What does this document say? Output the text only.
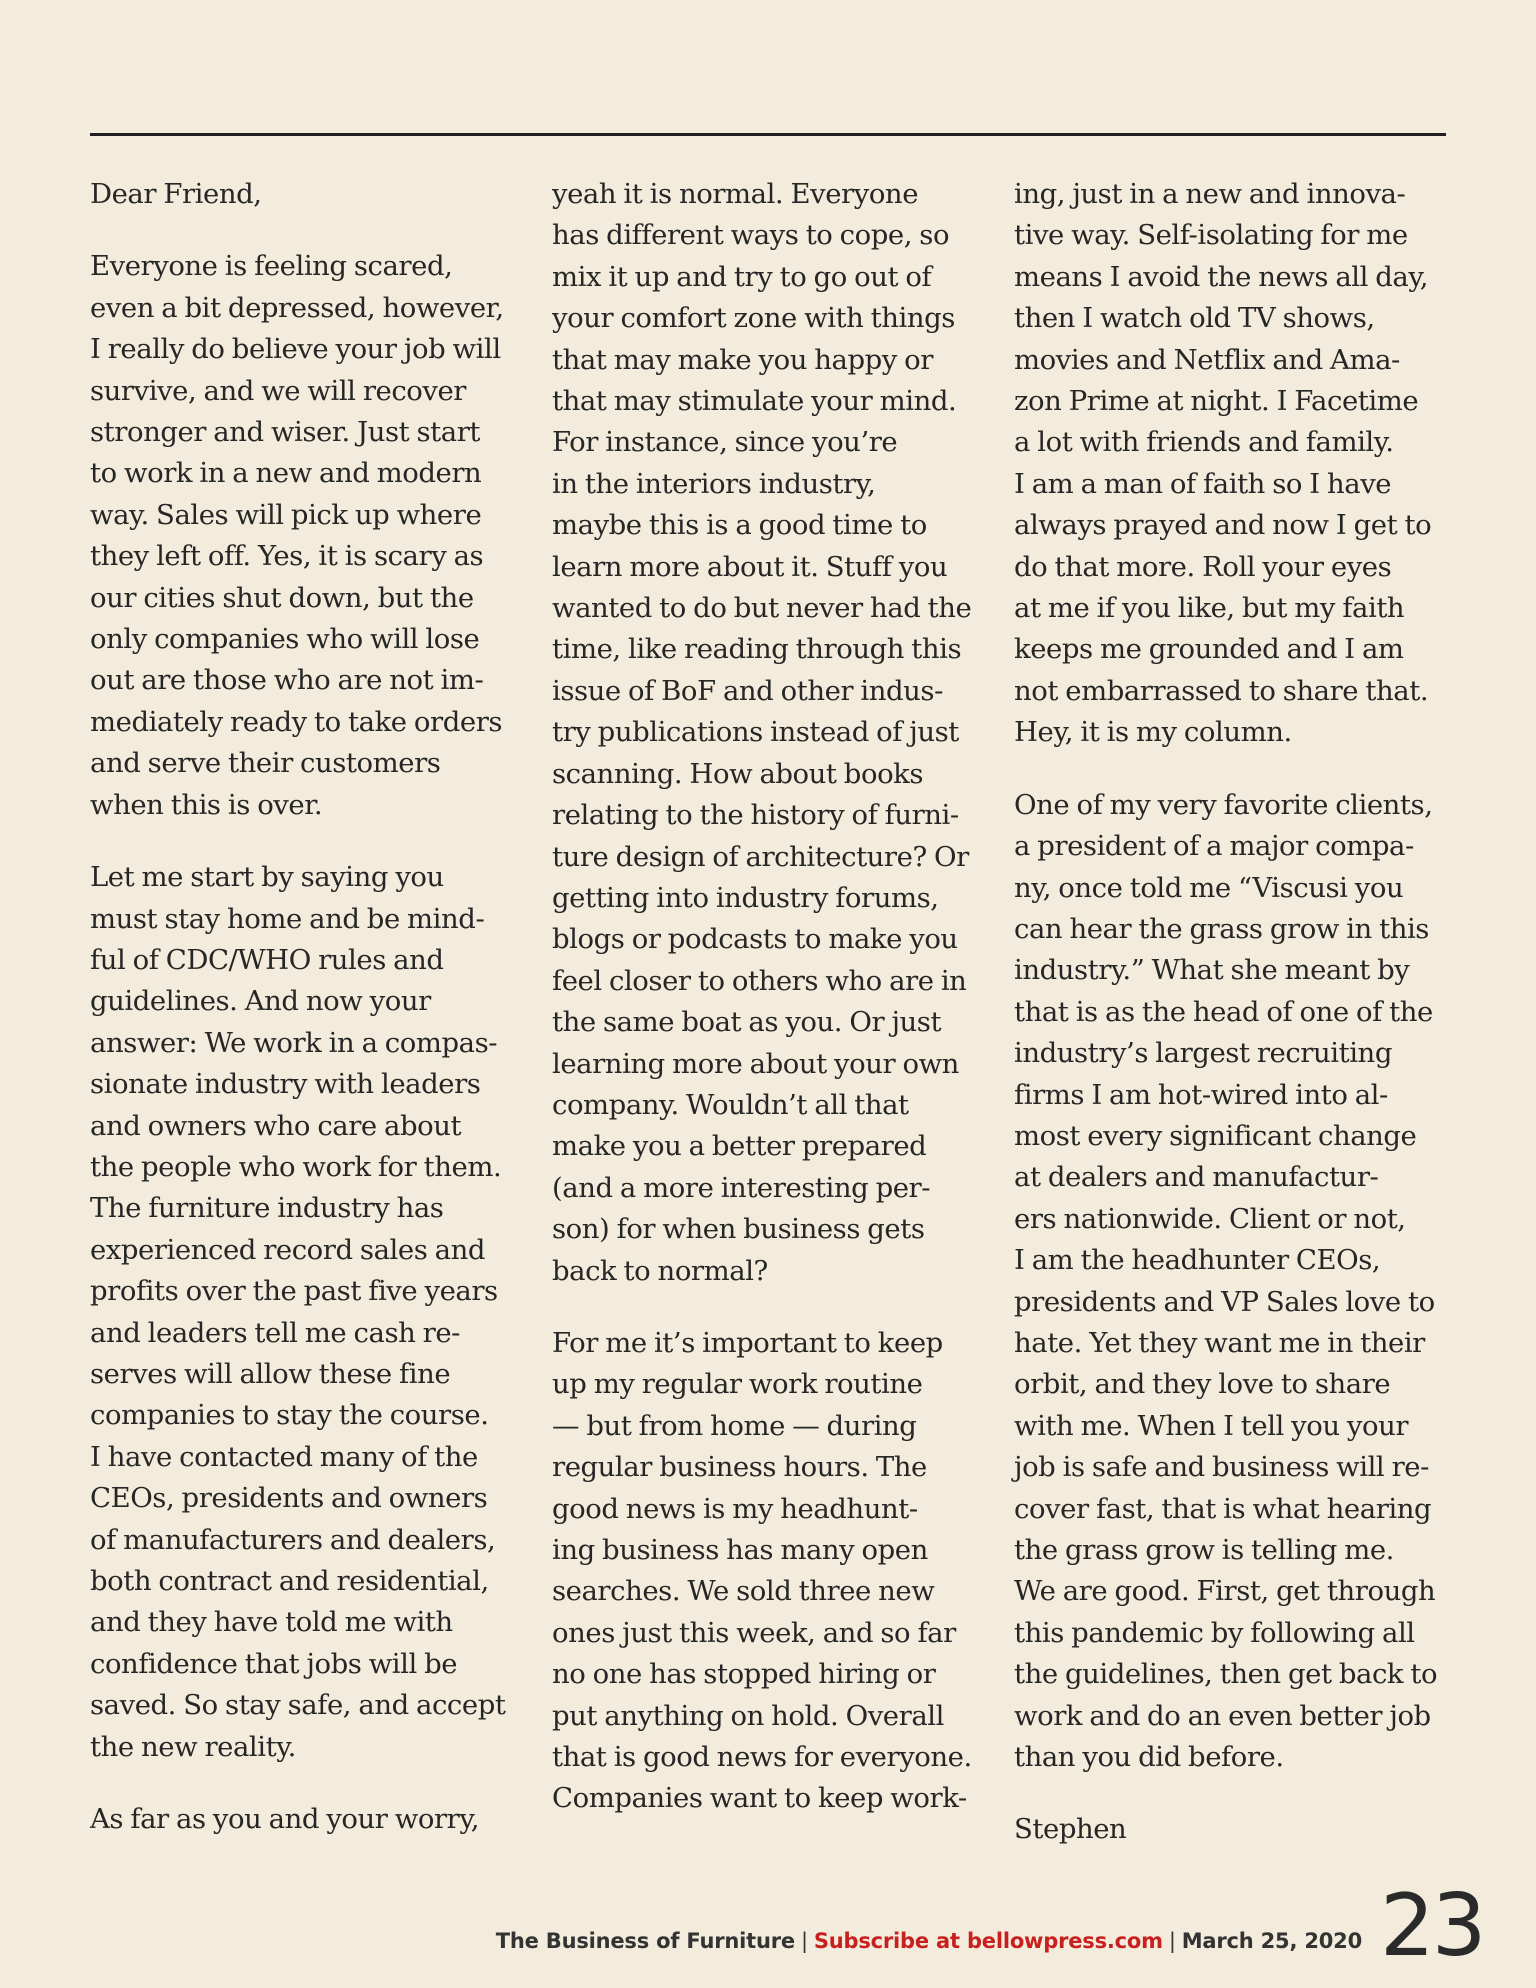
Dear Friend,

Everyone is feeling scared,
even a bit depressed, however,
I really do believe your job will
survive, and we will recover
stronger and wiser. Just start
to work in a new and modern
way. Sales will pick up where
they left off. Yes, it is scary as
our cities shut down, but the
only companies who will lose
out are those who are not im-
mediately ready to take orders
and serve their customers
when this is over.

Let me start by saying you
must stay home and be mind-
ful of CDC/WHO rules and
guidelines. And now your
answer: We work in a compas-
sionate industry with leaders
and owners who care about
the people who work for them.
The furniture industry has
experienced record sales and
profits over the past five years
and leaders tell me cash re-
serves will allow these fine
companies to stay the course.
I have contacted many of the
CEOs, presidents and owners
of manufacturers and dealers,
both contract and residential,
and they have told me with
confidence that jobs will be
saved. So stay safe, and accept
the new reality.

As far as you and your worry,

yeah it is normal. Everyone
has different ways to cope, so
mix it up and try to go out of
your comfort zone with things
that may make you happy or
that may stimulate your mind.
For instance, since you’re
in the interiors industry,
maybe this is a good time to
learn more about it. Stuff you
wanted to do but never had the
time, like reading through this
issue of BoF and other indus-
try publications instead of just
scanning. How about books
relating to the history of furni-
ture design of architecture? Or
getting into industry forums,
blogs or podcasts to make you
feel closer to others who are in
the same boat as you. Or just
learning more about your own
company. Wouldn’t all that
make you a better prepared
(and a more interesting per-
son) for when business gets
back to normal?

For me it’s important to keep
up my regular work routine
— but from home — during
regular business hours. The
good news is my headhunt-
ing business has many open
searches. We sold three new
ones just this week, and so far
no one has stopped hiring or
put anything on hold. Overall
that is good news for everyone.
Companies want to keep work-

ing, just in a new and innova-
tive way. Self-isolating for me
means I avoid the news all day,
then I watch old TV shows,
movies and Netflix and Ama-
zon Prime at night. I Facetime
a lot with friends and family.
I am a man of faith so I have
always prayed and now I get to
do that more. Roll your eyes
at me if you like, but my faith
keeps me grounded and I am
not embarrassed to share that.
Hey, it is my column.

One of my very favorite clients,
a president of a major compa-
ny, once told me “Viscusi you
can hear the grass grow in this
industry.” What she meant by
that is as the head of one of the
industry’s largest recruiting
firms I am hot-wired into al-
most every significant change
at dealers and manufactur-
ers nationwide. Client or not,
I am the headhunter CEOs,
presidents and VP Sales love to
hate. Yet they want me in their
orbit, and they love to share
with me. When I tell you your
job is safe and business will re-
cover fast, that is what hearing
the grass grow is telling me.
We are good. First, get through
this pandemic by following all
the guidelines, then get back to
work and do an even better job
than you did before.

Stephen

The Business of Furniture | Subscribe at bellowpress.com | March 25, 2020 23
